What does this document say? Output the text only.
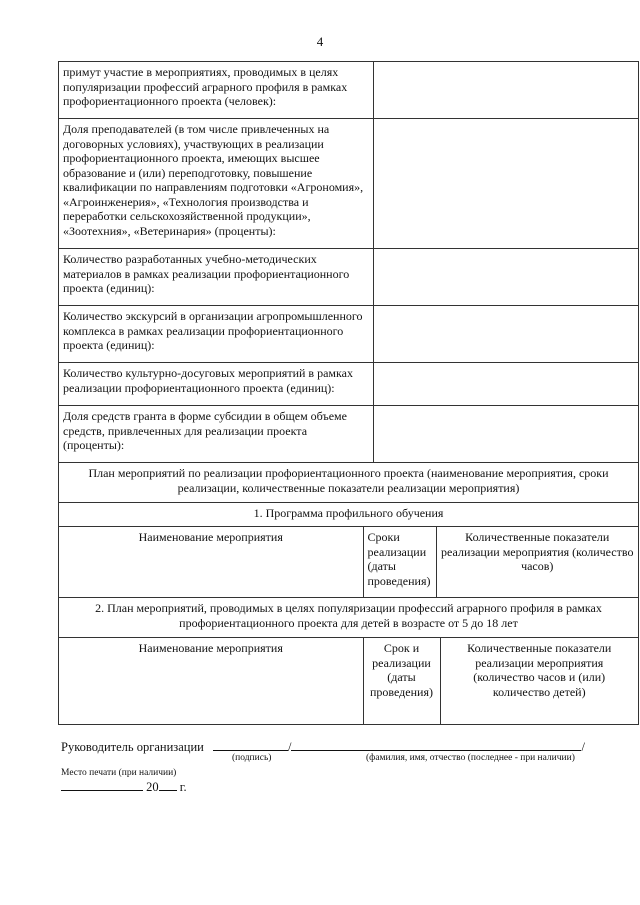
4
примут участие в мероприятиях, проводимых в целях популяризации профессий аграрного профиля в рамках профориентационного проекта (человек):	
Доля преподавателей (в том числе привлеченных на договорных условиях), участвующих в реализации профориентационного проекта, имеющих высшее образование и (или) переподготовку, повышение квалификации по направлениям подготовки «Агрономия», «Агроинженерия», «Технология производства и переработки сельскохозяйственной продукции», «Зоотехния», «Ветеринария» (проценты):	
Количество разработанных учебно-методических материалов в рамках реализации профориентационного проекта (единиц):	
Количество экскурсий в организации агропромышленного комплекса в рамках реализации профориентационного проекта (единиц):	
Количество культурно-досуговых мероприятий в рамках реализации профориентационного проекта (единиц):	
Доля средств гранта в форме субсидии в общем объеме средств, привлеченных для реализации проекта (проценты):	
План мероприятий по реализации профориентационного проекта (наименование мероприятия, сроки реализации, количественные показатели реализации мероприятия)
1. Программа профильного обучения

Наименование мероприятия	Сроки реализации (даты проведения)	Количественные показатели реализации мероприятия (количество часов)

2. План мероприятий, проводимых в целях популяризации профессий аграрного профиля в рамках профориентационного проекта для детей в возрасте от 5 до 18 лет

Наименование мероприятия	Срок и реализации (даты проведения)	Количественные показатели реализации мероприятия (количество часов и (или) количество детей)
Руководитель организации	/	/
(подпись)	(фамилия, имя, отчество (последнее - при наличии)
Место печати (при наличии)
20 г.
